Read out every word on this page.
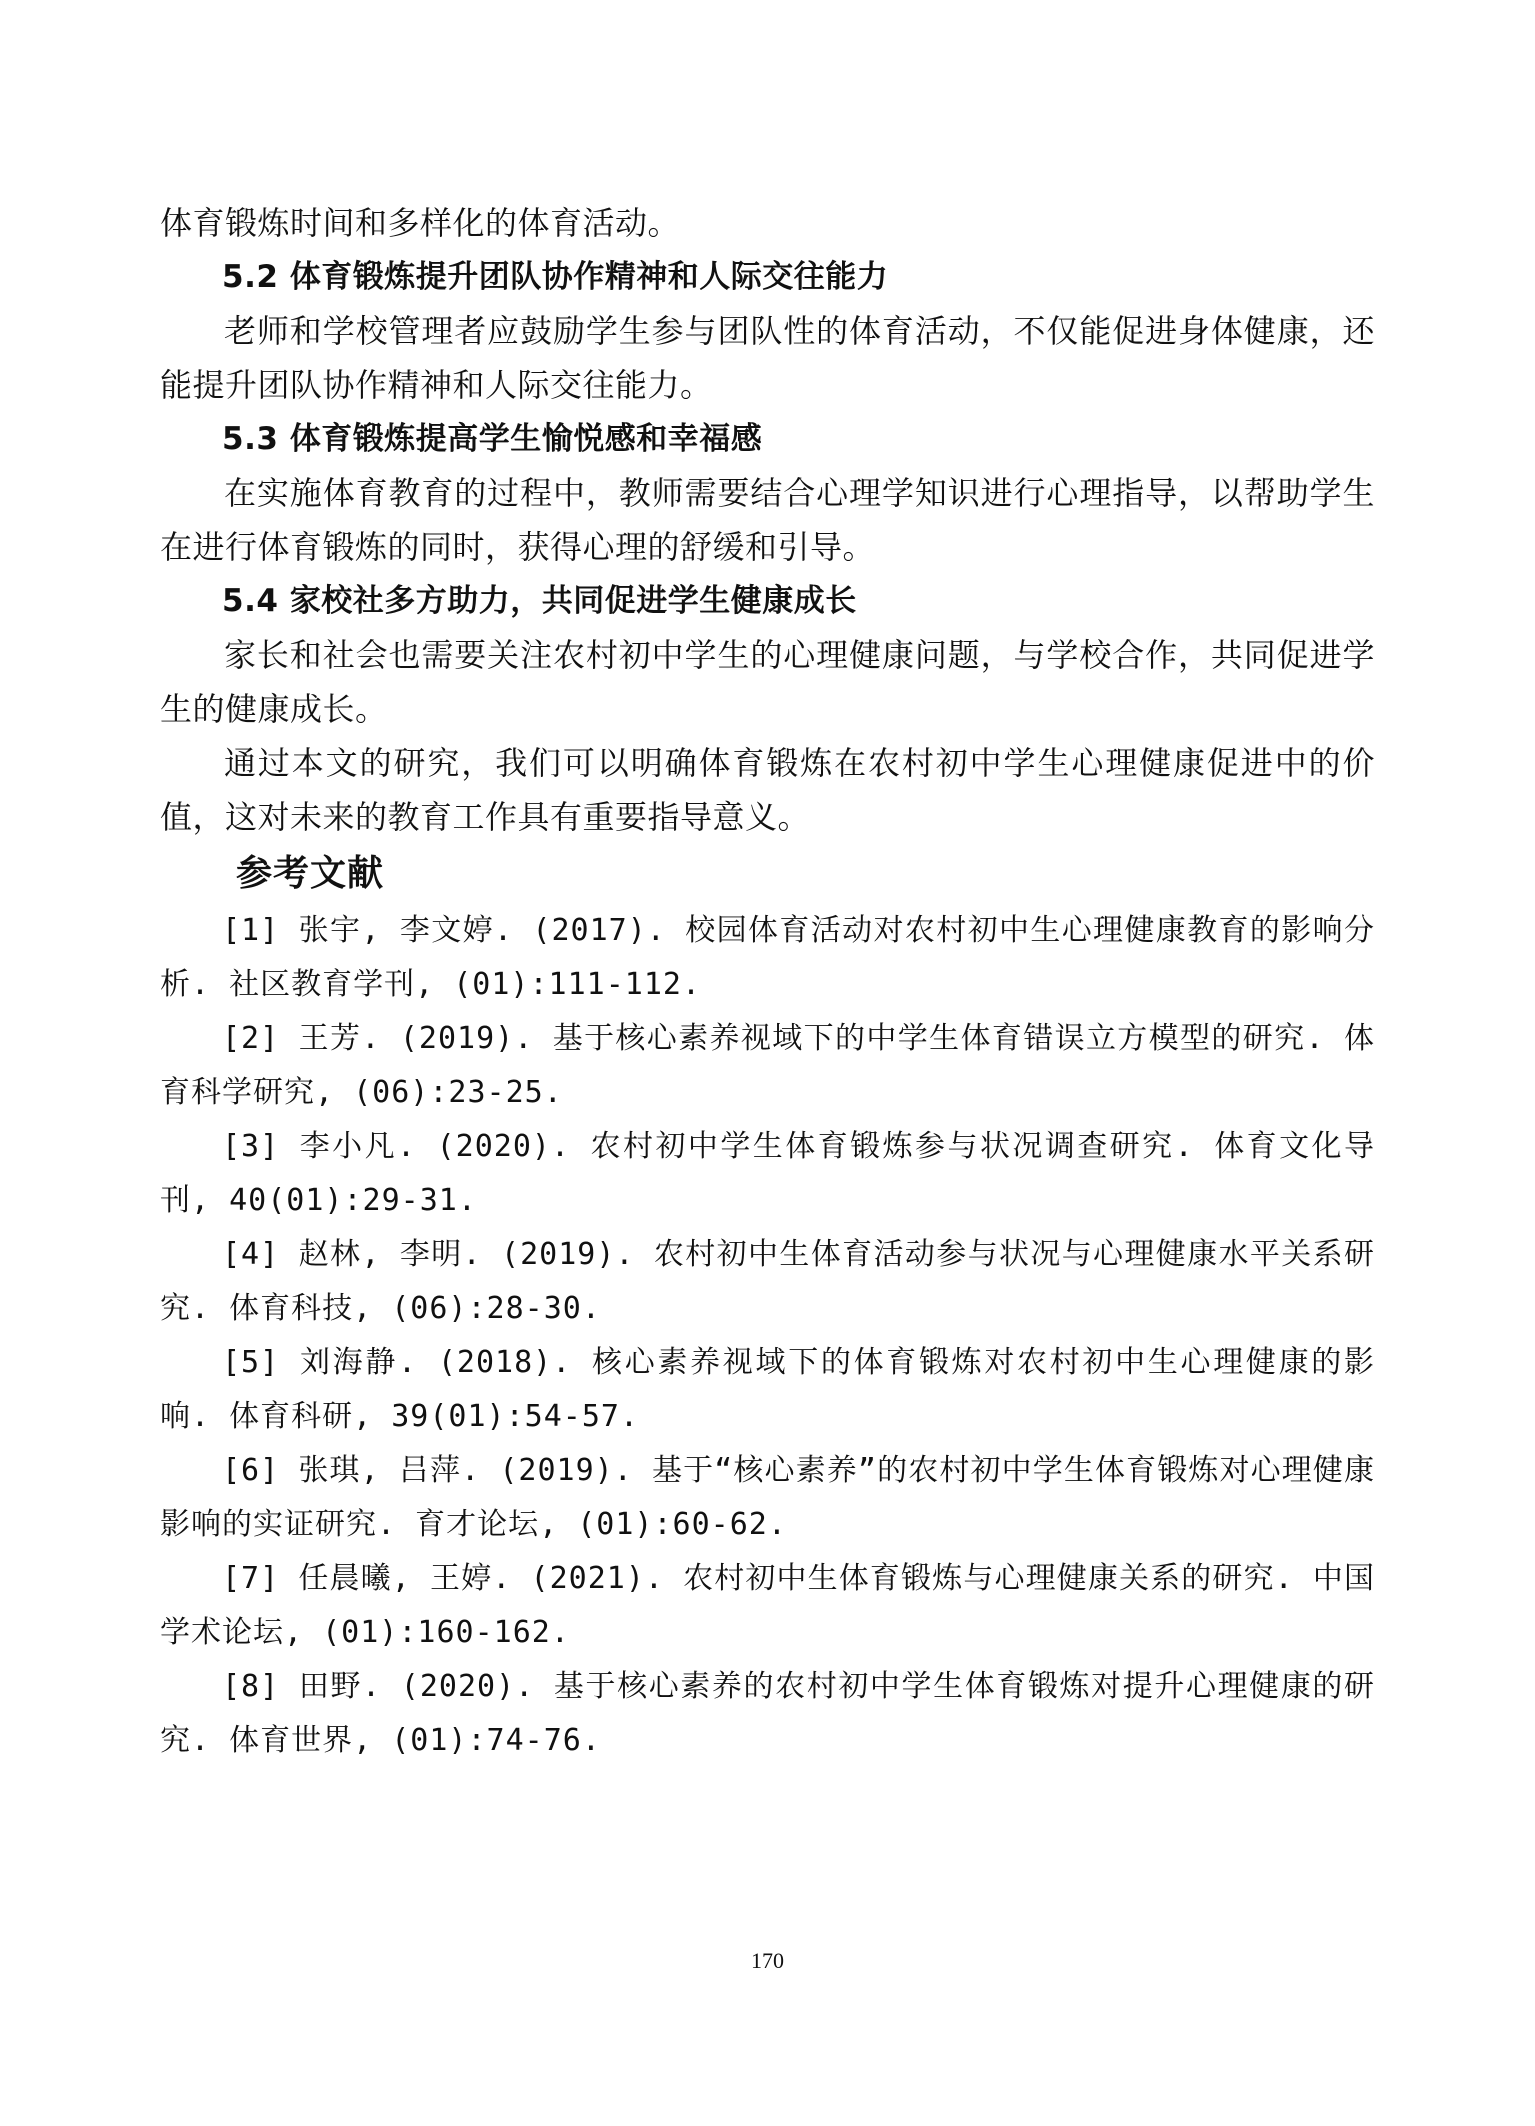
体育锻炼时间和多样化的体育活动。

5.2 体育锻炼提升团队协作精神和人际交往能力

老师和学校管理者应鼓励学生参与团队性的体育活动，不仅能促进身体健康，还能提升团队协作精神和人际交往能力。

5.3 体育锻炼提高学生愉悦感和幸福感

在实施体育教育的过程中，教师需要结合心理学知识进行心理指导，以帮助学生在进行体育锻炼的同时，获得心理的舒缓和引导。

5.4 家校社多方助力，共同促进学生健康成长

家长和社会也需要关注农村初中学生的心理健康问题，与学校合作，共同促进学生的健康成长。

通过本文的研究，我们可以明确体育锻炼在农村初中学生心理健康促进中的价值，这对未来的教育工作具有重要指导意义。

参考文献

[1] 张宇, 李文婷. (2017). 校园体育活动对农村初中生心理健康教育的影响分析. 社区教育学刊, (01):111-112.

[2] 王芳. (2019). 基于核心素养视域下的中学生体育错误立方模型的研究. 体育科学研究, (06):23-25.

[3] 李小凡. (2020). 农村初中学生体育锻炼参与状况调查研究. 体育文化导刊, 40(01):29-31.

[4] 赵林, 李明. (2019). 农村初中生体育活动参与状况与心理健康水平关系研究. 体育科技, (06):28-30.

[5] 刘海静. (2018). 核心素养视域下的体育锻炼对农村初中生心理健康的影响. 体育科研, 39(01):54-57.

[6] 张琪, 吕萍. (2019). 基于“核心素养”的农村初中学生体育锻炼对心理健康影响的实证研究. 育才论坛, (01):60-62.

[7] 任晨曦, 王婷. (2021). 农村初中生体育锻炼与心理健康关系的研究. 中国学术论坛, (01):160-162.

[8] 田野. (2020). 基于核心素养的农村初中学生体育锻炼对提升心理健康的研究. 体育世界, (01):74-76.

170
